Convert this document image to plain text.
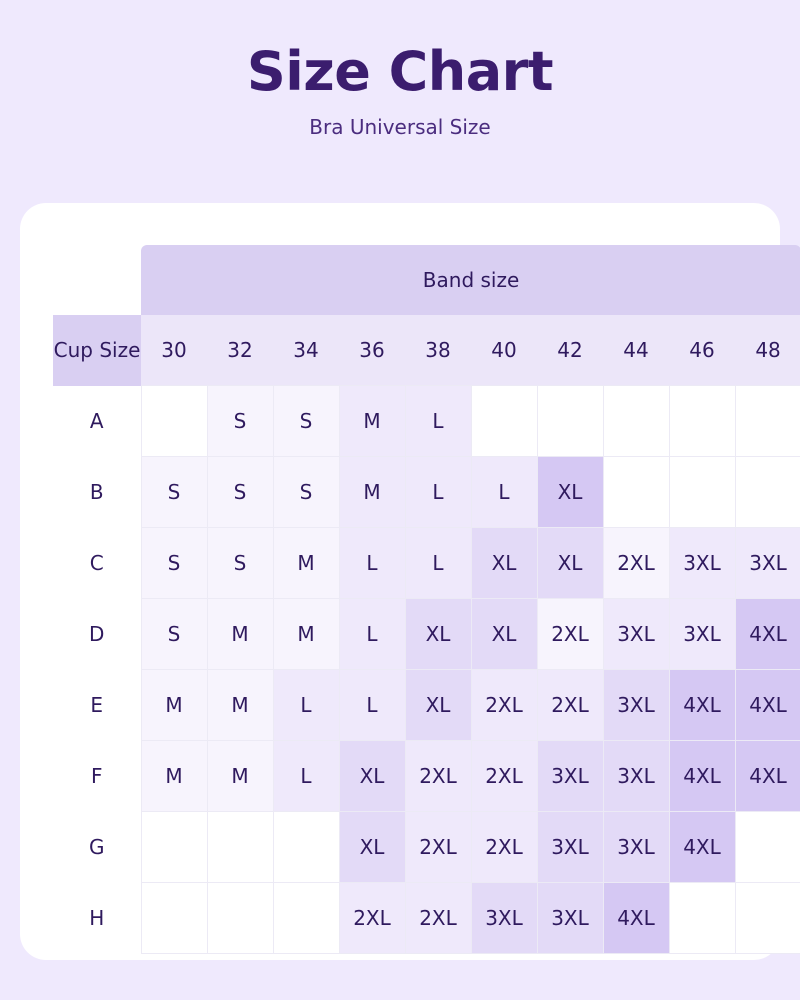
Size Chart
Bra Universal Size
	Band size									
Cup Size	30	32	34	36	38	40	42	44	46	48
A		S	S	M	L					
B	S	S	S	M	L	L	XL			
C	S	S	M	L	L	XL	XL	2XL	3XL	3XL
D	S	M	M	L	XL	XL	2XL	3XL	3XL	4XL
E	M	M	L	L	XL	2XL	2XL	3XL	4XL	4XL
F	M	M	L	XL	2XL	2XL	3XL	3XL	4XL	4XL
G				XL	2XL	2XL	3XL	3XL	4XL	
H				2XL	2XL	3XL	3XL	4XL		
